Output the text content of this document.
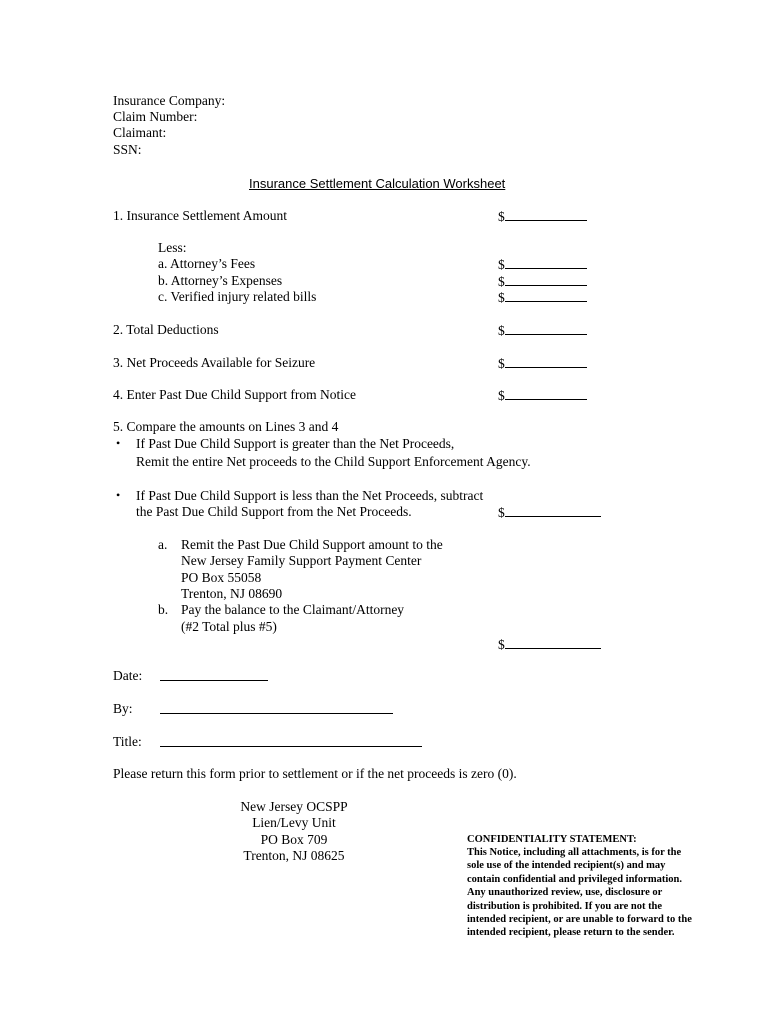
Insurance Company:
Claim Number:
Claimant:
SSN:
Insurance Settlement Calculation Worksheet
1. Insurance Settlement Amount	$
Less:
a. Attorney’s Fees	$
b. Attorney’s Expenses	$
c. Verified injury related bills	$
2. Total Deductions	$
3. Net Proceeds Available for Seizure	$
4. Enter Past Due Child Support from Notice	$
5. Compare the amounts on Lines 3 and 4
• If Past Due Child Support is greater than the Net Proceeds,
Remit the entire Net proceeds to the Child Support Enforcement Agency.
• If Past Due Child Support is less than the Net Proceeds, subtract
the Past Due Child Support from the Net Proceeds.	$
a. Remit the Past Due Child Support amount to the
New Jersey Family Support Payment Center
PO Box 55058
Trenton, NJ 08690
b. Pay the balance to the Claimant/Attorney
(#2 Total plus #5)
$
Date:
By:
Title:
Please return this form prior to settlement or if the net proceeds is zero (0).
New Jersey OCSPP
Lien/Levy Unit
PO Box 709
Trenton, NJ 08625
CONFIDENTIALITY STATEMENT:
This Notice, including all attachments, is for the
sole use of the intended recipient(s) and may
contain confidential and privileged information.
Any unauthorized review, use, disclosure or
distribution is prohibited. If you are not the
intended recipient, or are unable to forward to the
intended recipient, please return to the sender.
